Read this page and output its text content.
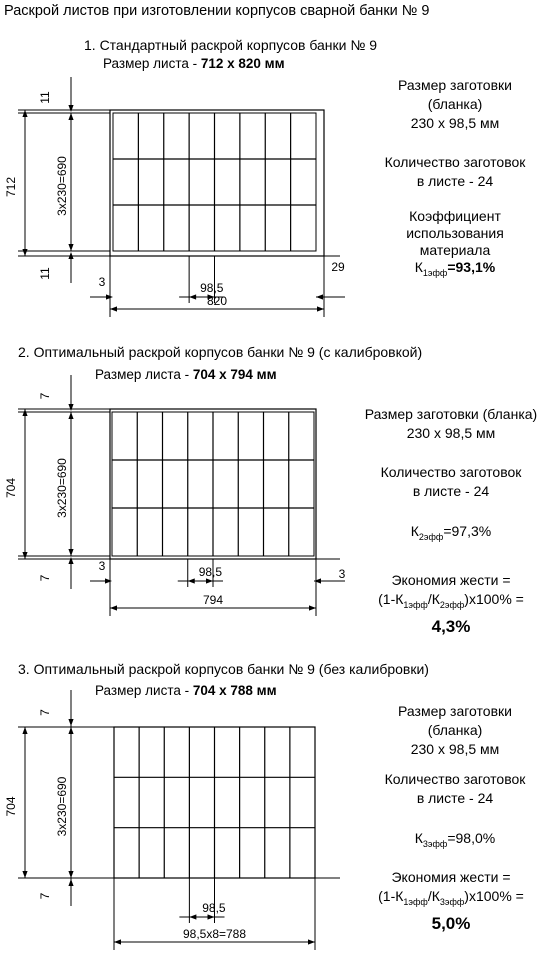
712	3x230=690
11
11
98,5
3
29
820
704	3x230=690
7
7	98,5
3
3
794
704	3x230=690
7
7
98,5
98,5x8=788
Раскрой листов при изготовлении корпусов сварной банки № 9
1. Стандартный раскрой корпусов банки № 9
Размер листа - 712 x 820 мм
Размер заготовки
(бланка)
230 x 98,5 мм
Количество заготовок
в листе - 24
Коэффициент
использования
материала
$К_{1эфф}=93,1\%$
2. Оптимальный раскрой корпусов банки № 9 (с калибровкой)
Размер листа - 704 x 794 мм
Размер заготовки (бланка)
230 x 98,5 мм
Количество заготовок
в листе - 24
$К_{2эфф}=97,3\%$
Экономия жести =
$(1-К_{1эфф}/К_{2эфф})x100\%$ =
4,3%
3. Оптимальный раскрой корпусов банки № 9 (без калибровки)
Размер листа - 704 x 788 мм
Размер заготовки
(бланка)
230 x 98,5 мм
Количество заготовок
в листе - 24
$К_{3эфф}=98,0\%$
Экономия жести =
$(1-К_{1эфф}/К_{3эфф})x100\%$ =
5,0%
